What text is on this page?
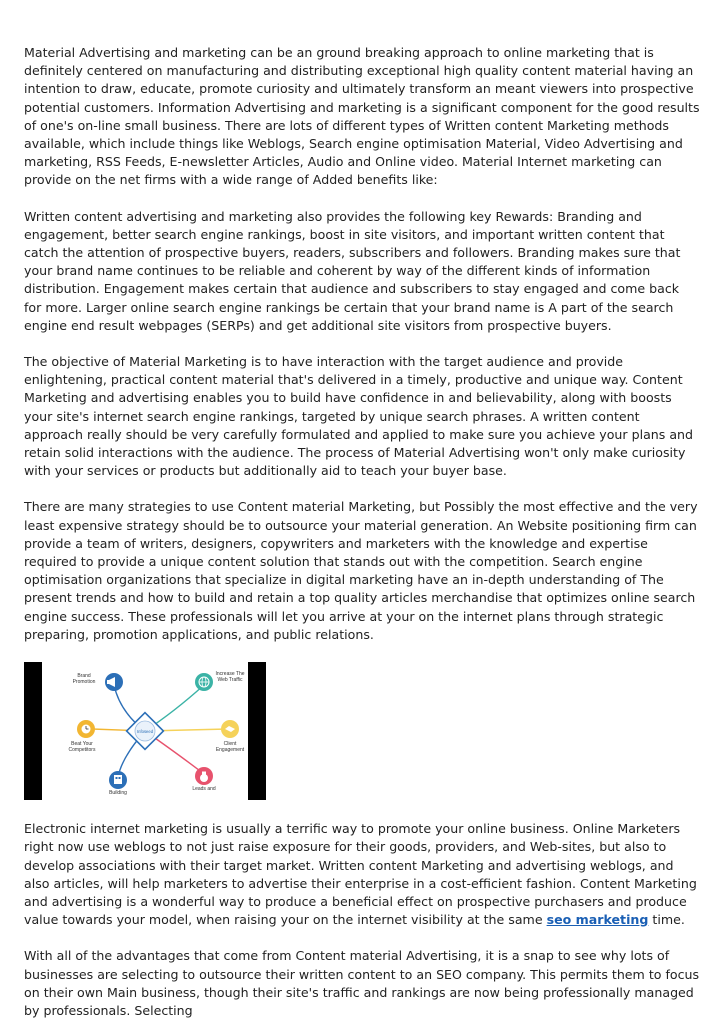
Material Advertising and marketing can be an ground breaking approach to online marketing that is definitely centered on manufacturing and distributing exceptional high quality content material having an intention to draw, educate, promote curiosity and ultimately transform an meant viewers into prospective potential customers. Information Advertising and marketing is a significant component for the good results of one's on-line small business. There are lots of different types of Written content Marketing methods available, which include things like Weblogs, Search engine optimisation Material, Video Advertising and marketing, RSS Feeds, E-newsletter Articles, Audio and Online video. Material Internet marketing can provide on the net firms with a wide range of Added benefits like:

Written content advertising and marketing also provides the following key Rewards: Branding and engagement, better search engine rankings, boost in site visitors, and important written content that catch the attention of prospective buyers, readers, subscribers and followers. Branding makes sure that your brand name continues to be reliable and coherent by way of the different kinds of information distribution. Engagement makes certain that audience and subscribers to stay engaged and come back for more. Larger online search engine rankings be certain that your brand name is A part of the search engine end result webpages (SERPs) and get additional site visitors from prospective buyers.

The objective of Material Marketing is to have interaction with the target audience and provide enlightening, practical content material that's delivered in a timely, productive and unique way. Content Marketing and advertising enables you to build have confidence in and believability, along with boosts your site's internet search engine rankings, targeted by unique search phrases. A written content approach really should be very carefully formulated and applied to make sure you achieve your plans and retain solid interactions with the audience. The process of Material Advertising won't only make curiosity with your services or products but additionally aid to teach your buyer base.

There are many strategies to use Content material Marketing, but Possibly the most effective and the very least expensive strategy should be to outsource your material generation. An Website positioning firm can provide a team of writers, designers, copywriters and marketers with the knowledge and expertise required to provide a unique content solution that stands out with the competition. Search engine optimisation organizations that specialize in digital marketing have an in-depth understanding of The present trends and how to build and retain a top quality articles merchandise that optimizes online search engine success. These professionals will let you arrive at your on the internet plans through strategic preparing, promotion applications, and public relations.

Infoseed
Brand Promotion
Increase The Web Traffic
Beat Your Competitors
Client Engagement
Building
Leads and

Electronic internet marketing is usually a terrific way to promote your online business. Online Marketers right now use weblogs to not just raise exposure for their goods, providers, and Web-sites, but also to develop associations with their target market. Written content Marketing and advertising weblogs, and also articles, will help marketers to advertise their enterprise in a cost-efficient fashion. Content Marketing and advertising is a wonderful way to produce a beneficial effect on prospective purchasers and produce value towards your model, when raising your on the internet visibility at the same seo marketing time.

With all of the advantages that come from Content material Advertising, it is a snap to see why lots of businesses are selecting to outsource their written content to an SEO company. This permits them to focus on their own Main business, though their site's traffic and rankings are now being professionally managed by professionals. Selecting
